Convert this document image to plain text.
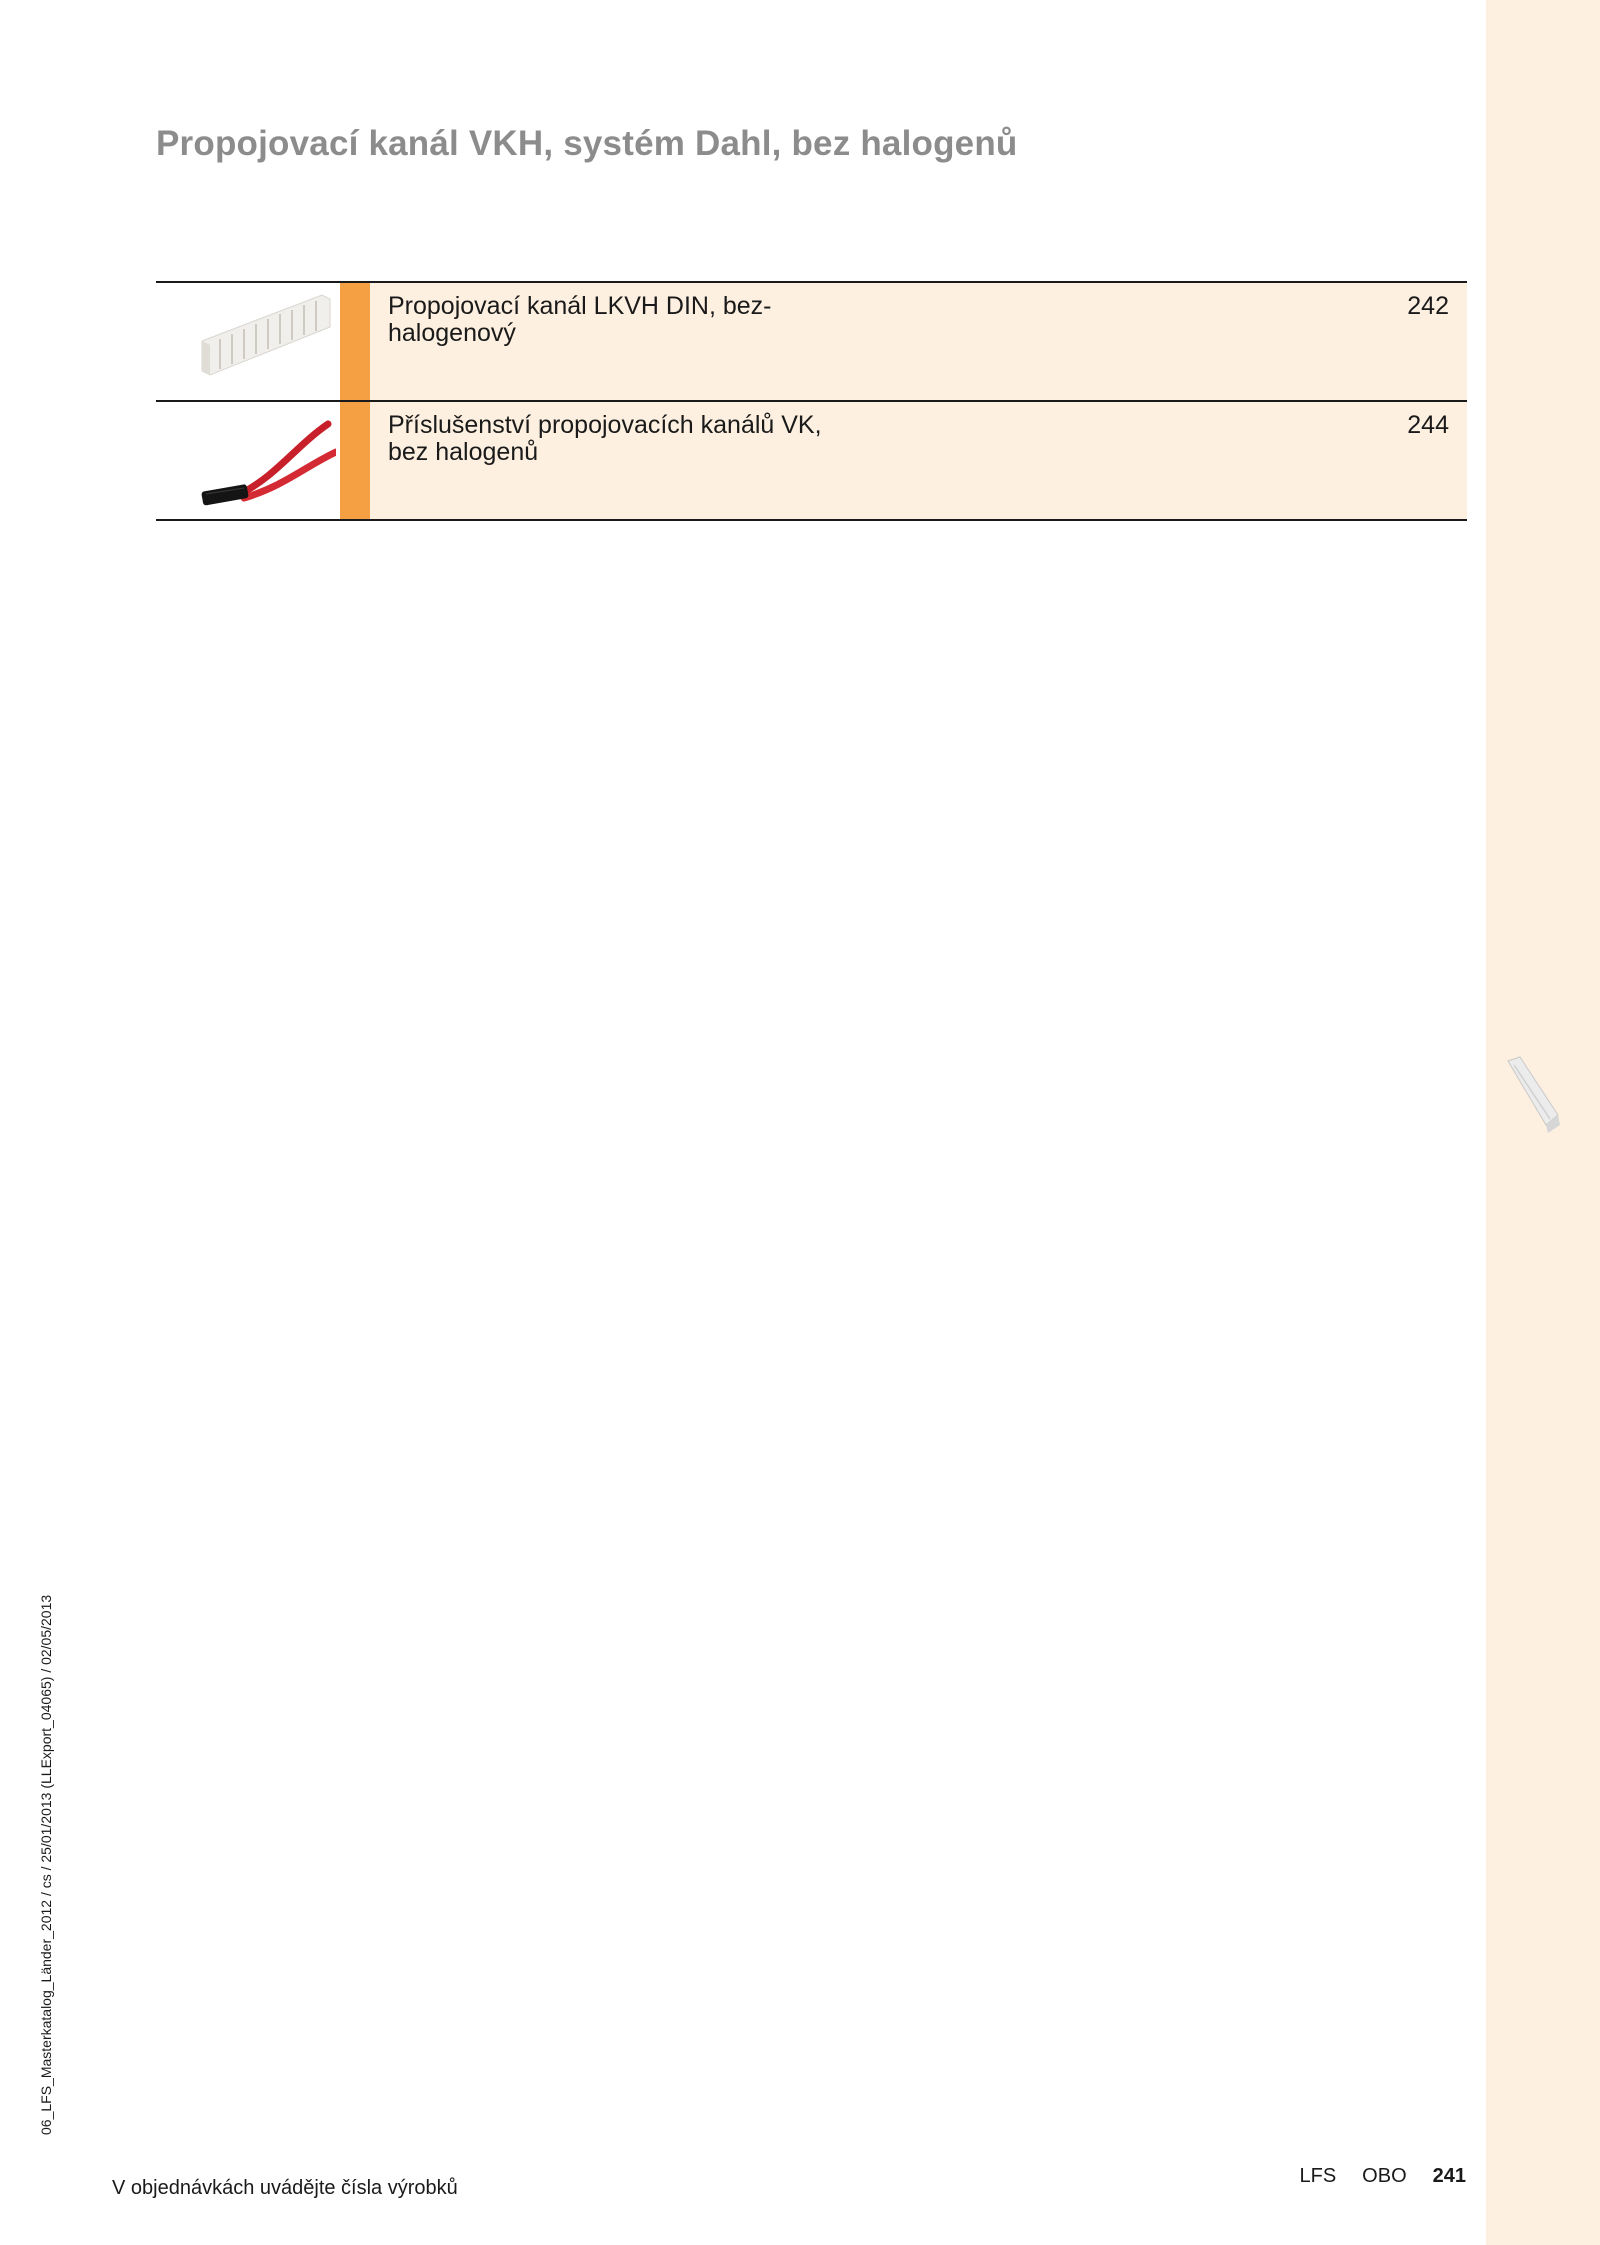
Propojovací kanál VKH, systém Dahl, bez halogenů
Propojovací kanál LKVH DIN, bez-halogenový
242
Příslušenství propojovacích kanálů VK, bez halogenů
244
06_LFS_Masterkatalog_Länder_2012 / cs / 25/01/2013 (LLExport_04065) / 02/05/2013
V objednávkách uvádějte čísla výrobků
LFS OBO 241
